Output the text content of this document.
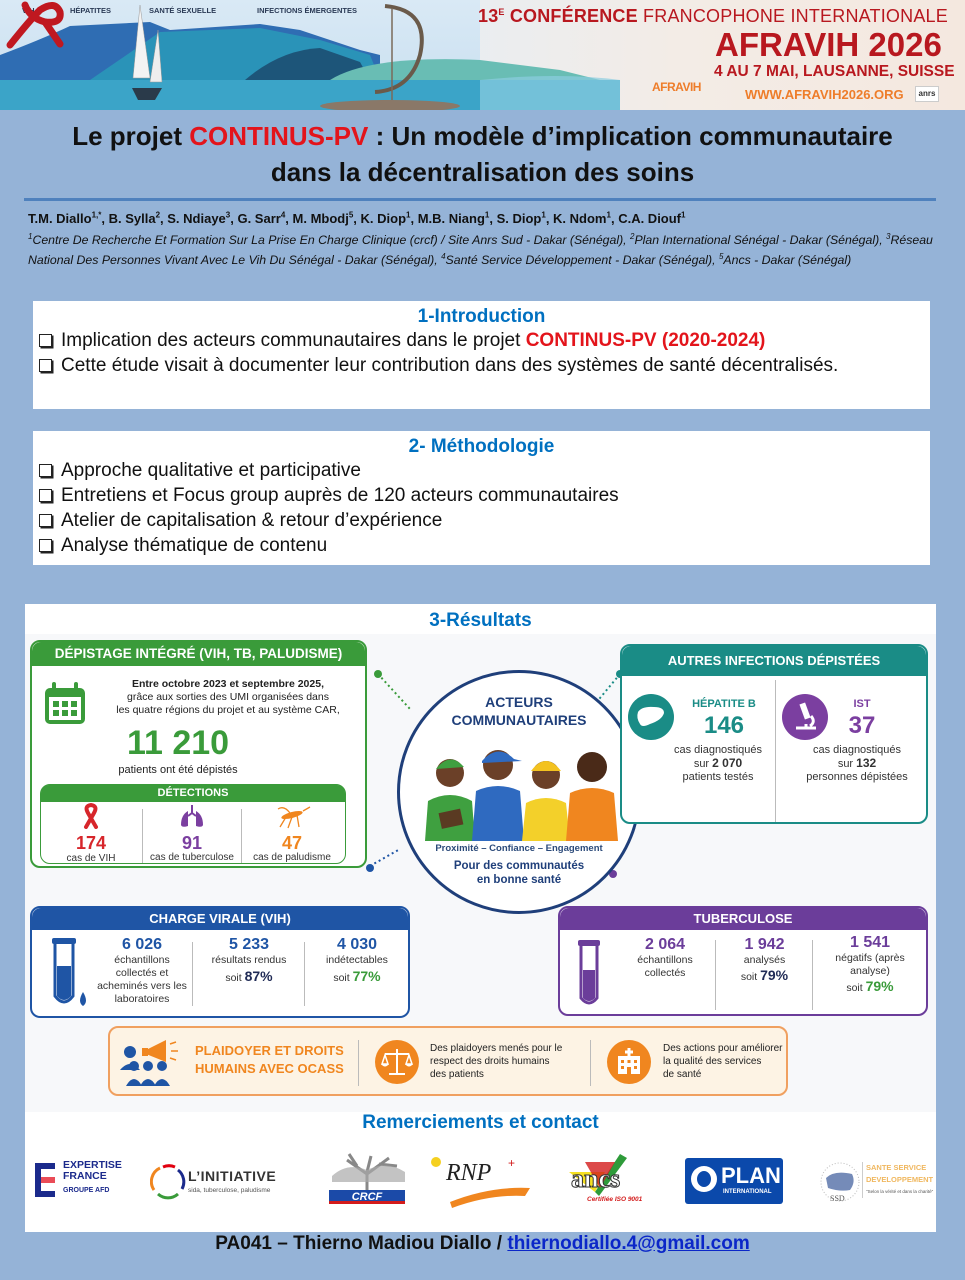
VIH	HÉPATITES	SANTÉ SEXUELLE	INFECTIONS ÉMERGENTES	$13^E$ CONFÉRENCE FRANCOPHONE INTERNATIONALE
AFRAVIH
AFRAVIH 2026
4 AU 7 MAI, LAUSANNE, SUISSE
WWW.AFRAVIH2026.ORG	anrs
Le projet CONTINUS-PV : Un modèle d’implication communautaire
dans la décentralisation des soins
T.M. Diallo$^{1,*}$, B. Sylla$^2$, S. Ndiaye$^3$, G. Sarr$^4$, M. Mbodj$^5$, K. Diop$^1$, M.B. Niang$^1$, S. Diop$^1$, K. Ndom$^1$, C.A. Diouf$^1$
$^1$Centre De Recherche Et Formation Sur La Prise En Charge Clinique (crcf) / Site Anrs Sud - Dakar (Sénégal), $^2$Plan International Sénégal - Dakar (Sénégal), $^3$Réseau National Des Personnes Vivant Avec Le Vih Du Sénégal - Dakar (Sénégal), $^4$Santé Service Développement - Dakar (Sénégal), $^5$Ancs - Dakar (Sénégal)
1-Introduction
Implication des acteurs communautaires dans le projet CONTINUS-PV (2020-2024)
Cette étude visait à documenter leur contribution dans des systèmes de santé décentralisés.
2- Méthodologie
Approche qualitative et participative
Entretiens et Focus group auprès de 120 acteurs communautaires
Atelier de capitalisation & retour d’expérience
Analyse thématique de contenu
3-Résultats
DÉPISTAGE INTÉGRÉ (VIH, TB, PALUDISME)
Entre octobre 2023 et septembre 2025,
grâce aux sorties des UMI organisées dans
les quatre régions du projet et au système CAR,
11 210
patients ont été dépistés
DÉTECTIONS
174
cas de VIH
91
cas de tuberculose
47
cas de paludisme
ACTEURS
COMMUNAUTAIRES
Proximité – Confiance – Engagement
Pour des communautés
en bonne santé
AUTRES INFECTIONS DÉPISTÉES
HÉPATITE B
146
cas diagnostiqués
sur 2 070
patients testés
IST
37
cas diagnostiqués
sur 132
personnes dépistées
CHARGE VIRALE (VIH)
6 026
échantillons collectés et acheminés vers les laboratoires
5 233
résultats rendus
soit 87%
4 030
indétectables
soit 77%
TUBERCULOSE
2 064
échantillons collectés
1 942
analysés
soit 79%
1 541
négatifs (après analyse)
soit 79%
PLAIDOYER ET DROITS
HUMAINS AVEC OCASS
Des plaidoyers menés pour le
respect des droits humains
des patients
Des actions pour améliorer
la qualité des services
de santé
Remerciements et contact
EXPERTISE
FRANCE
GROUPE AFD
L’INITIATIVE
sida, tuberculose, paludisme
CRCF
RNP +
ancs
Certifiée ISO 9001
PLAN
INTERNATIONAL
SSD
SANTE SERVICE
DEVELOPPEMENT
"Selon la vérité et dans la charité"
PA041 – Thierno Madiou Diallo / thiernodiallo.4@gmail.com
